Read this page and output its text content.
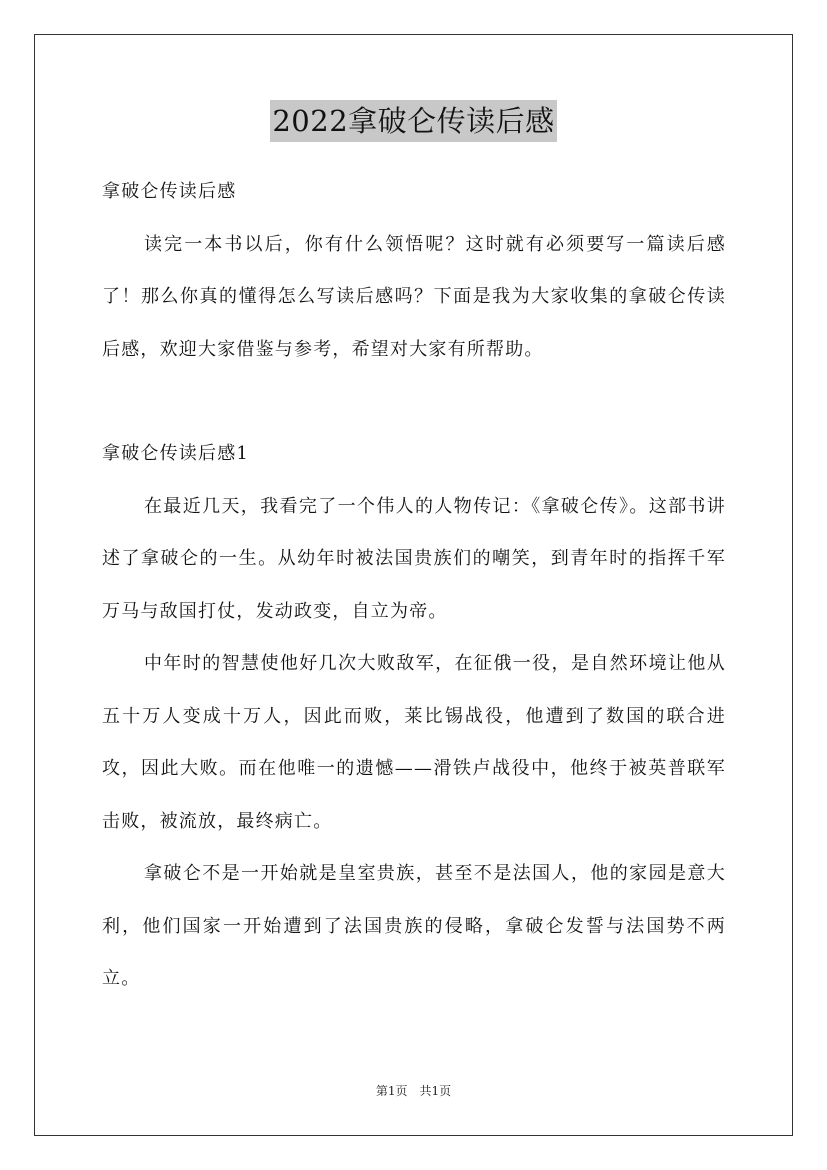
2022拿破仑传读后感

拿破仑传读后感

读完一本书以后，你有什么领悟呢？这时就有必须要写一篇读后感了！那么你真的懂得怎么写读后感吗？下面是我为大家收集的拿破仑传读后感，欢迎大家借鉴与参考，希望对大家有所帮助。

拿破仑传读后感1

在最近几天，我看完了一个伟人的人物传记：《拿破仑传》。这部书讲述了拿破仑的一生。从幼年时被法国贵族们的嘲笑，到青年时的指挥千军万马与敌国打仗，发动政变，自立为帝。

中年时的智慧使他好几次大败敌军，在征俄一役，是自然环境让他从五十万人变成十万人，因此而败，莱比锡战役，他遭到了数国的联合进攻，因此大败。而在他唯一的遗憾——滑铁卢战役中，他终于被英普联军击败，被流放，最终病亡。

拿破仑不是一开始就是皇室贵族，甚至不是法国人，他的家园是意大利，他们国家一开始遭到了法国贵族的侵略，拿破仑发誓与法国势不两立。

第1页 共1页
